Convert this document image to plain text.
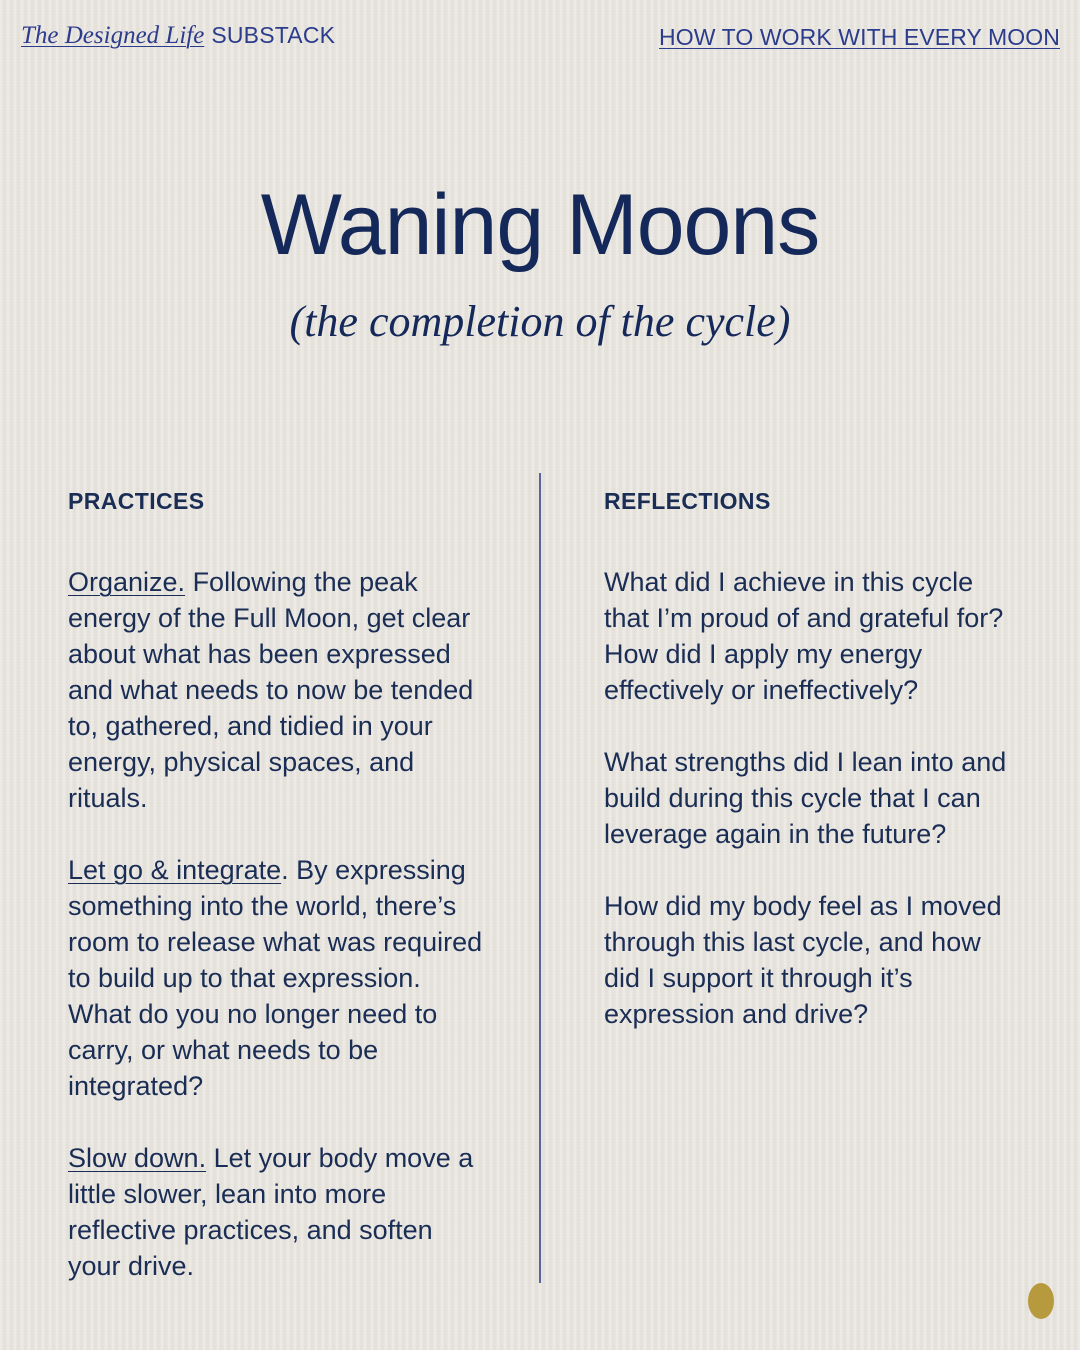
The Designed Life SUBSTACK	HOW TO WORK WITH EVERY MOON
Waning Moons
(the completion of the cycle)
PRACTICES

Organize. Following the peak energy of the Full Moon, get clear about what has been expressed and what needs to now be tended to, gathered, and tidied in your energy, physical spaces, and rituals.

Let go & integrate. By expressing something into the world, there’s room to release what was required to build up to that expression. What do you no longer need to carry, or what needs to be integrated?

Slow down. Let your body move a little slower, lean into more reflective practices, and soften your drive.

REFLECTIONS

What did I achieve in this cycle that I’m proud of and grateful for? How did I apply my energy effectively or ineffectively?

What strengths did I lean into and build during this cycle that I can leverage again in the future?

How did my body feel as I moved through this last cycle, and how did I support it through it’s expression and drive?
